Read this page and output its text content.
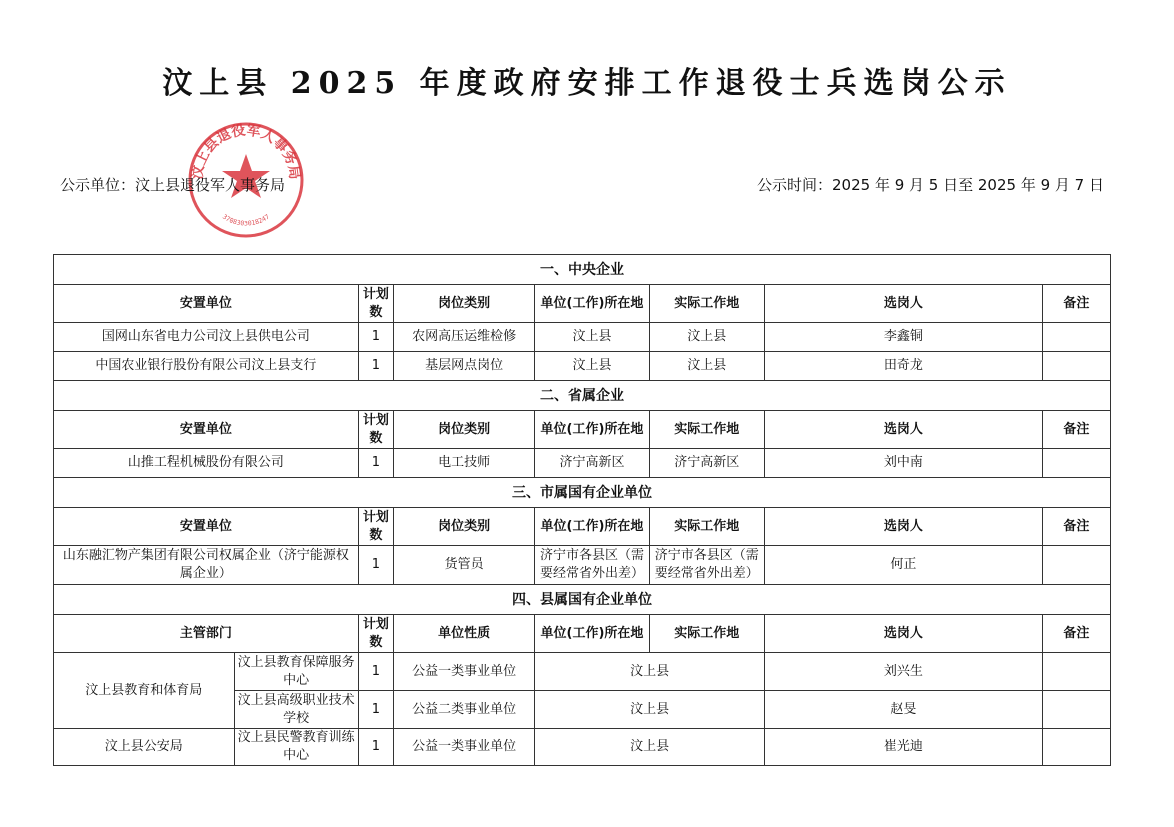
汶上县 2025 年度政府安排工作退役士兵选岗公示
汶上县退役军人事务局
3708303018247
公示单位：汶上县退役军人事务局	公示时间：2025 年 9 月 5 日至 2025 年 9 月 7 日
一、中央企业							
安置单位		计划数	岗位类别	单位(工作)所在地	实际工作地	选岗人	备注
国网山东省电力公司汶上县供电公司		1	农网高压运维检修	汶上县	汶上县	李鑫铜	
中国农业银行股份有限公司汶上县支行		1	基层网点岗位	汶上县	汶上县	田奇龙	
二、省属企业							
安置单位		计划数	岗位类别	单位(工作)所在地	实际工作地	选岗人	备注
山推工程机械股份有限公司		1	电工技师	济宁高新区	济宁高新区	刘中南	
三、市属国有企业单位							
安置单位		计划数	岗位类别	单位(工作)所在地	实际工作地	选岗人	备注
山东融汇物产集团有限公司权属企业（济宁能源权属企业）		1	货管员	济宁市各县区（需要经常省外出差）	济宁市各县区（需要经常省外出差）	何正	
四、县属国有企业单位							
主管部门		计划数	单位性质	单位(工作)所在地	实际工作地	选岗人	备注
汶上县教育和体育局	汶上县教育保障服务中心	1	公益一类事业单位	汶上县		刘兴生	
	汶上县高级职业技术学校	1	公益二类事业单位	汶上县		赵旻	
汶上县公安局	汶上县民警教育训练中心	1	公益一类事业单位	汶上县		崔光迪	
